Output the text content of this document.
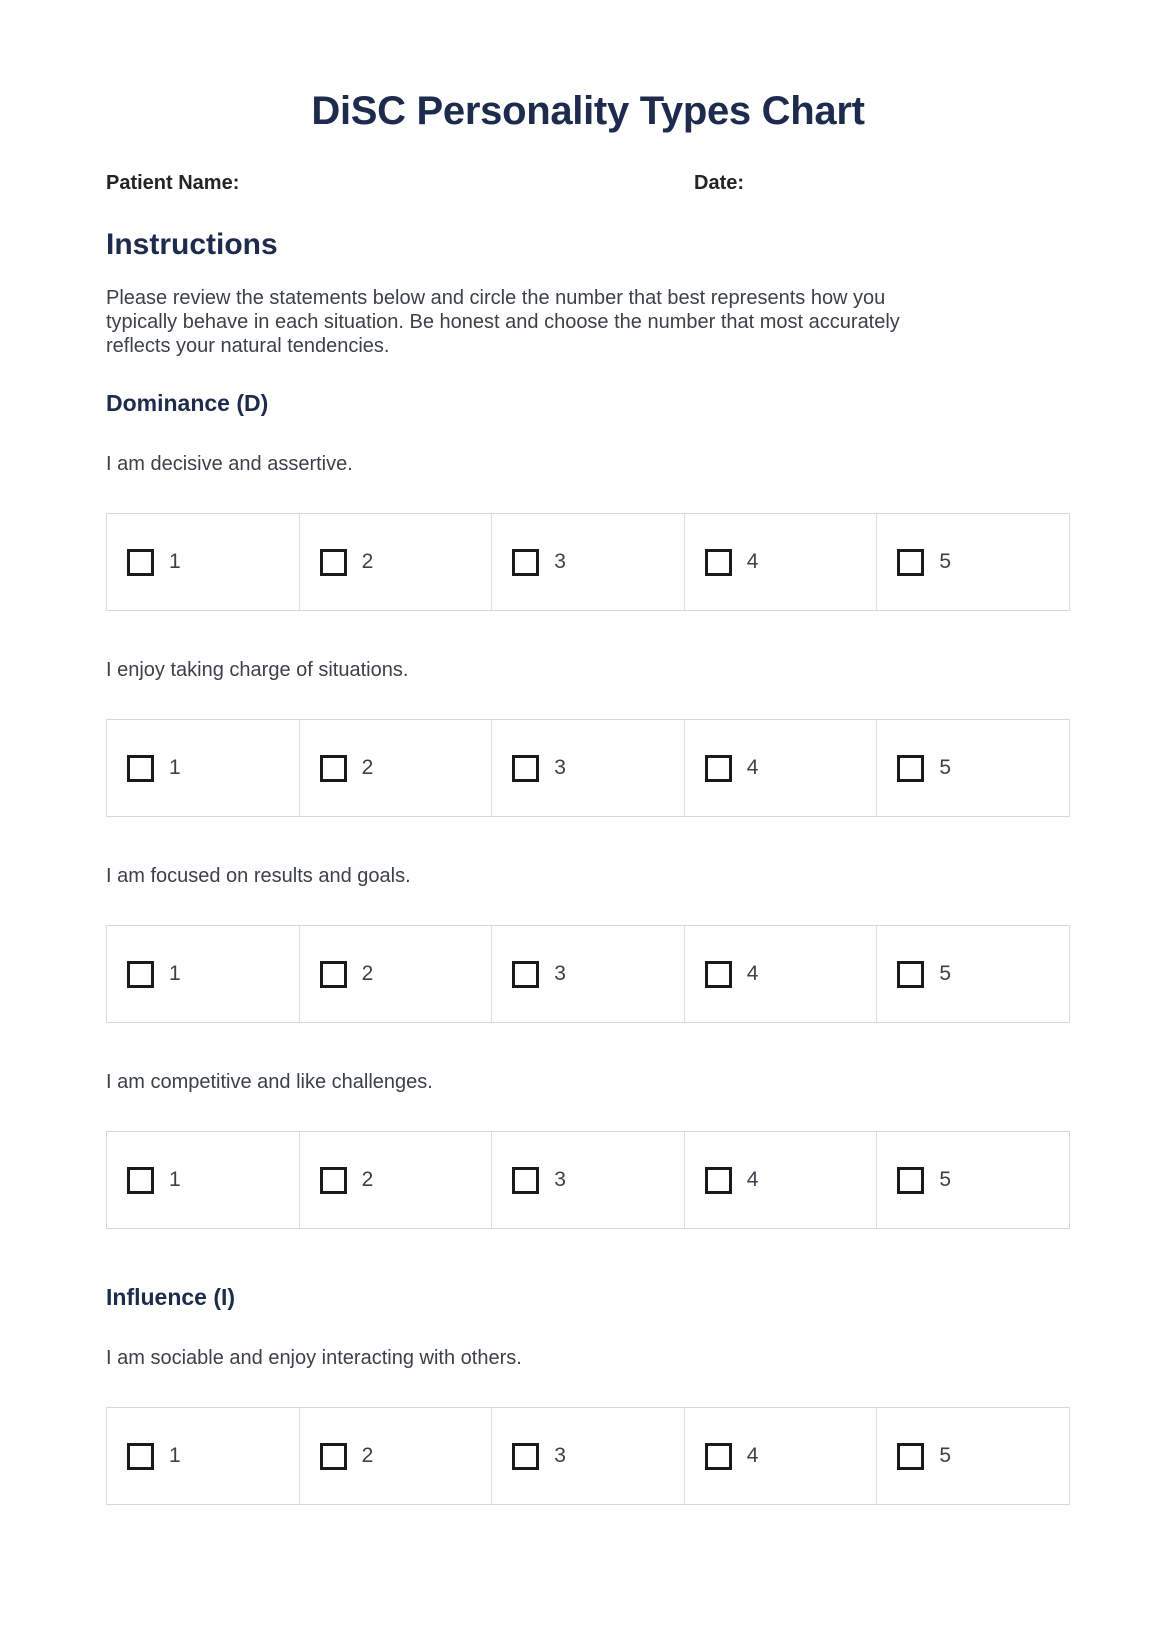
DiSC Personality Types Chart
Patient Name:	Date:
Instructions
Please review the statements below and circle the number that best represents how you
typically behave in each situation. Be honest and choose the number that most accurately
reflects your natural tendencies.
Dominance (D)

I am decisive and assertive.

1	2	3	4	5

I enjoy taking charge of situations.

1	2	3	4	5

I am focused on results and goals.

1	2	3	4	5

I am competitive and like challenges.

1	2	3	4	5
Influence (I)

I am sociable and enjoy interacting with others.

1	2	3	4	5
